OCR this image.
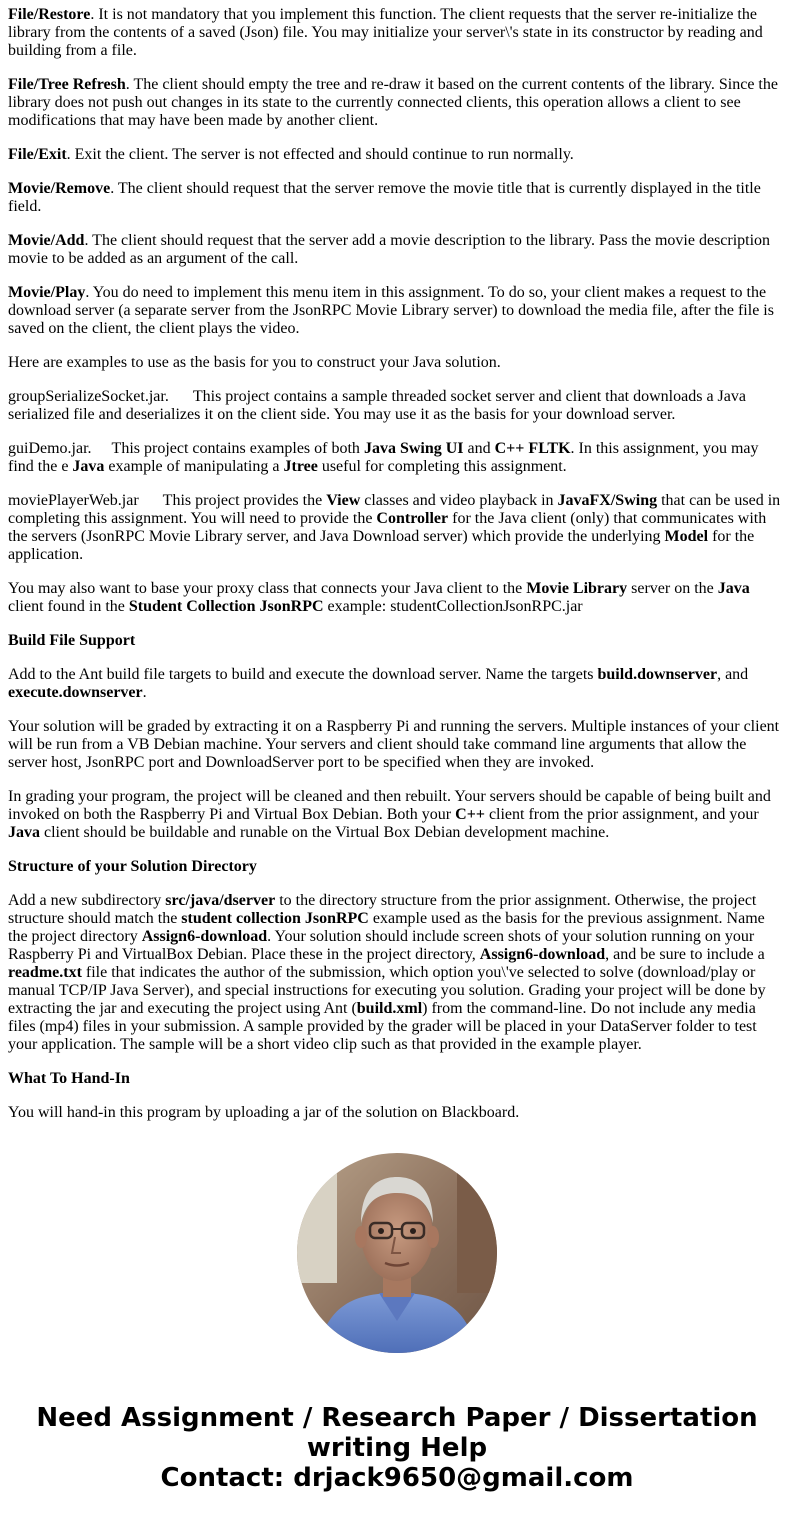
File/Restore. It is not mandatory that you implement this function. The client requests that the server re-initialize the library from the contents of a saved (Json) file. You may initialize your server\'s state in its constructor by reading and building from a file.

File/Tree Refresh. The client should empty the tree and re-draw it based on the current contents of the library. Since the library does not push out changes in its state to the currently connected clients, this operation allows a client to see modifications that may have been made by another client.

File/Exit. Exit the client. The server is not effected and should continue to run normally.

Movie/Remove. The client should request that the server remove the movie title that is currently displayed in the title field.

Movie/Add. The client should request that the server add a movie description to the library. Pass the movie description movie to be added as an argument of the call.

Movie/Play. You do need to implement this menu item in this assignment. To do so, your client makes a request to the download server (a separate server from the JsonRPC Movie Library server) to download the media file, after the file is saved on the client, the client plays the video.

Here are examples to use as the basis for you to construct your Java solution.

groupSerializeSocket.jar. This project contains a sample threaded socket server and client that downloads a Java serialized file and deserializes it on the client side. You may use it as the basis for your download server.

guiDemo.jar. This project contains examples of both Java Swing UI and C++ FLTK. In this assignment, you may find the e Java example of manipulating a Jtree useful for completing this assignment.

moviePlayerWeb.jar This project provides the View classes and video playback in JavaFX/Swing that can be used in completing this assignment. You will need to provide the Controller for the Java client (only) that communicates with the servers (JsonRPC Movie Library server, and Java Download server) which provide the underlying Model for the application.

You may also want to base your proxy class that connects your Java client to the Movie Library server on the Java client found in the Student Collection JsonRPC example: studentCollectionJsonRPC.jar

Build File Support

Add to the Ant build file targets to build and execute the download server. Name the targets build.downserver, and execute.downserver.

Your solution will be graded by extracting it on a Raspberry Pi and running the servers. Multiple instances of your client will be run from a VB Debian machine. Your servers and client should take command line arguments that allow the server host, JsonRPC port and DownloadServer port to be specified when they are invoked.

In grading your program, the project will be cleaned and then rebuilt. Your servers should be capable of being built and invoked on both the Raspberry Pi and Virtual Box Debian. Both your C++ client from the prior assignment, and your Java client should be buildable and runable on the Virtual Box Debian development machine.

Structure of your Solution Directory

Add a new subdirectory src/java/dserver to the directory structure from the prior assignment. Otherwise, the project structure should match the student collection JsonRPC example used as the basis for the previous assignment. Name the project directory Assign6-download. Your solution should include screen shots of your solution running on your Raspberry Pi and VirtualBox Debian. Place these in the project directory, Assign6-download, and be sure to include a readme.txt file that indicates the author of the submission, which option you\'ve selected to solve (download/play or manual TCP/IP Java Server), and special instructions for executing you solution. Grading your project will be done by extracting the jar and executing the project using Ant (build.xml) from the command-line. Do not include any media files (mp4) files in your submission. A sample provided by the grader will be placed in your DataServer folder to test your application. The sample will be a short video clip such as that provided in the example player.

What To Hand-In

You will hand-in this program by uploading a jar of the solution on Blackboard.

Need Assignment / Research Paper / Dissertation
writing Help
Contact: drjack9650@gmail.com
